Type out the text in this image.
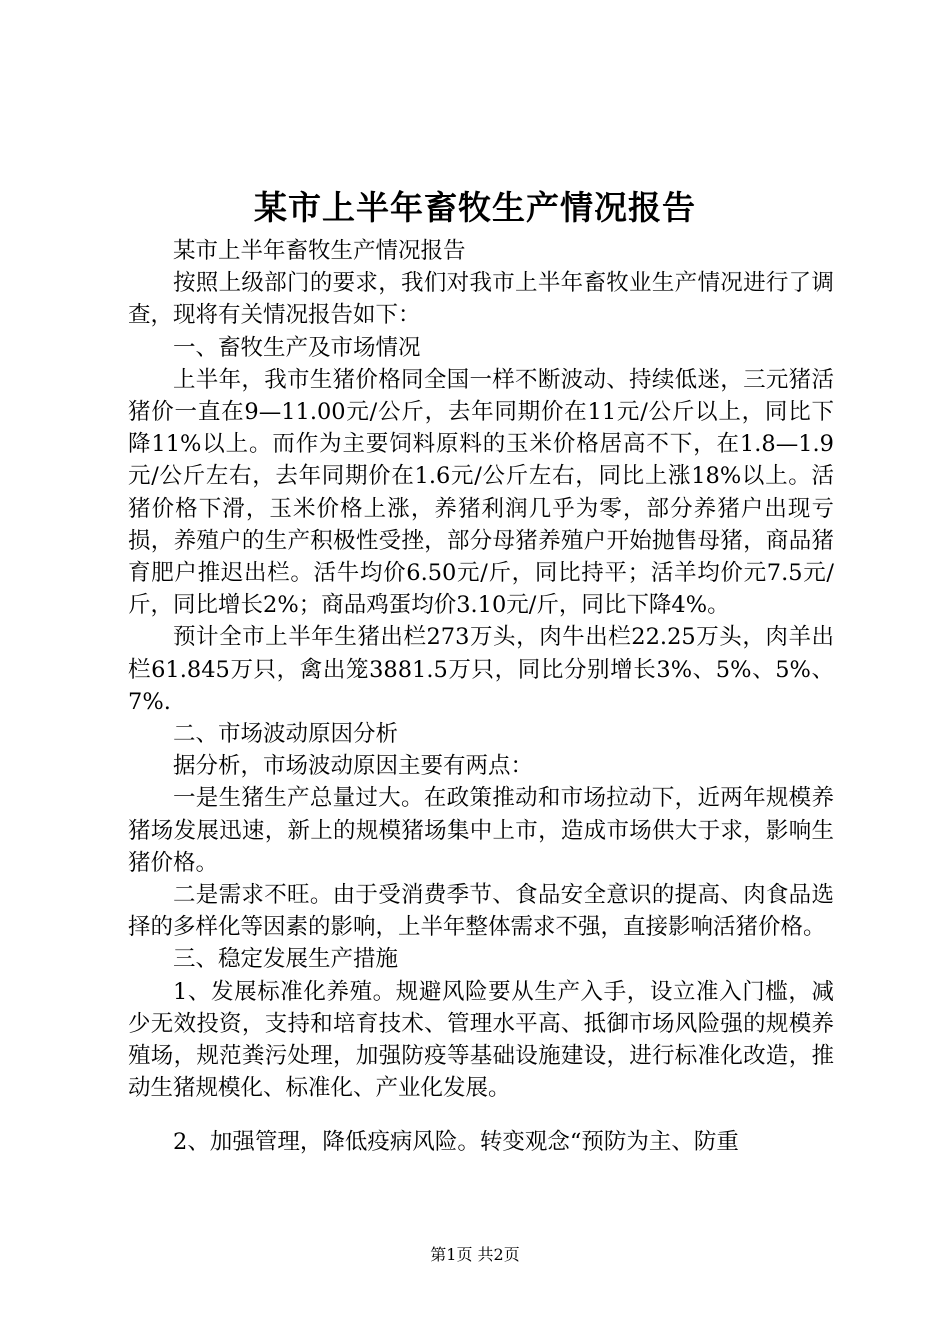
某市上半年畜牧生产情况报告

某市上半年畜牧生产情况报告

按照上级部门的要求，我们对我市上半年畜牧业生产情况进行了调查，现将有关情况报告如下：

一、畜牧生产及市场情况

上半年，我市生猪价格同全国一样不断波动、持续低迷，三元猪活猪价一直在9—11.00元/公斤，去年同期价在11元/公斤以上，同比下降11%以上。而作为主要饲料原料的玉米价格居高不下，在1.8—1.9元/公斤左右，去年同期价在1.6元/公斤左右，同比上涨18%以上。活猪价格下滑，玉米价格上涨，养猪利润几乎为零，部分养猪户出现亏损，养殖户的生产积极性受挫，部分母猪养殖户开始抛售母猪，商品猪育肥户推迟出栏。活牛均价6.50元/斤，同比持平；活羊均价元7.5元/斤，同比增长2%；商品鸡蛋均价3.10元/斤，同比下降4%。

预计全市上半年生猪出栏273万头，肉牛出栏22.25万头，肉羊出栏61.845万只，禽出笼3881.5万只，同比分别增长3%、5%、5%、7%.

二、市场波动原因分析

据分析，市场波动原因主要有两点：

一是生猪生产总量过大。在政策推动和市场拉动下，近两年规模养猪场发展迅速，新上的规模猪场集中上市，造成市场供大于求，影响生猪价格。

二是需求不旺。由于受消费季节、食品安全意识的提高、肉食品选择的多样化等因素的影响，上半年整体需求不强，直接影响活猪价格。

三、稳定发展生产措施

1、发展标准化养殖。规避风险要从生产入手，设立准入门槛，减少无效投资，支持和培育技术、管理水平高、抵御市场风险强的规模养殖场，规范粪污处理，加强防疫等基础设施建设，进行标准化改造，推动生猪规模化、标准化、产业化发展。

2、加强管理，降低疫病风险。转变观念“预防为主、防重

第1页 共2页
